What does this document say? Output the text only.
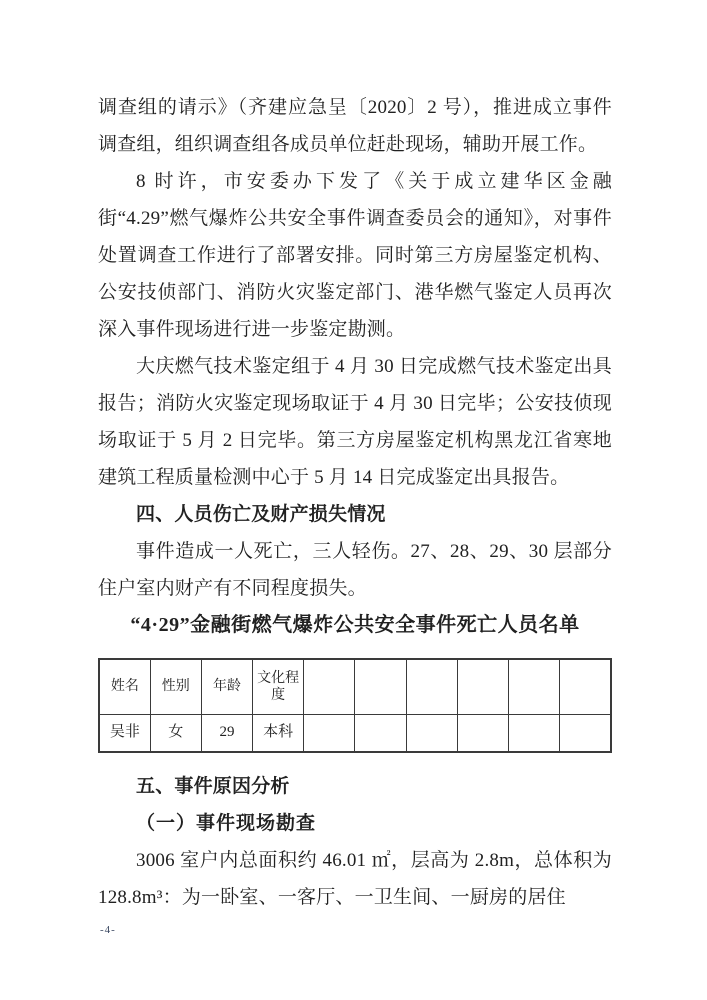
调查组的请示》（齐建应急呈〔2020〕2 号），推进成立事件调查组，组织调查组各成员单位赶赴现场，辅助开展工作。

8 时许，市安委办下发了《关于成立建华区金融街“4.29”燃气爆炸公共安全事件调查委员会的通知》，对事件处置调查工作进行了部署安排。同时第三方房屋鉴定机构、公安技侦部门、消防火灾鉴定部门、港华燃气鉴定人员再次深入事件现场进行进一步鉴定勘测。

大庆燃气技术鉴定组于 4 月 30 日完成燃气技术鉴定出具报告；消防火灾鉴定现场取证于 4 月 30 日完毕；公安技侦现场取证于 5 月 2 日完毕。第三方房屋鉴定机构黑龙江省寒地建筑工程质量检测中心于 5 月 14 日完成鉴定出具报告。

四、人员伤亡及财产损失情况

事件造成一人死亡，三人轻伤。27、28、29、30 层部分住户室内财产有不同程度损失。

“4·29”金融街燃气爆炸公共安全事件死亡人员名单

姓名	性别	年龄	文化程度						
吴非	女	29	本科						

五、事件原因分析

（一）事件现场勘查

3006 室户内总面积约 46.01 ㎡，层高为 2.8m，总体积为 128.8m³：为一卧室、一客厅、一卫生间、一厨房的居住

-4-
